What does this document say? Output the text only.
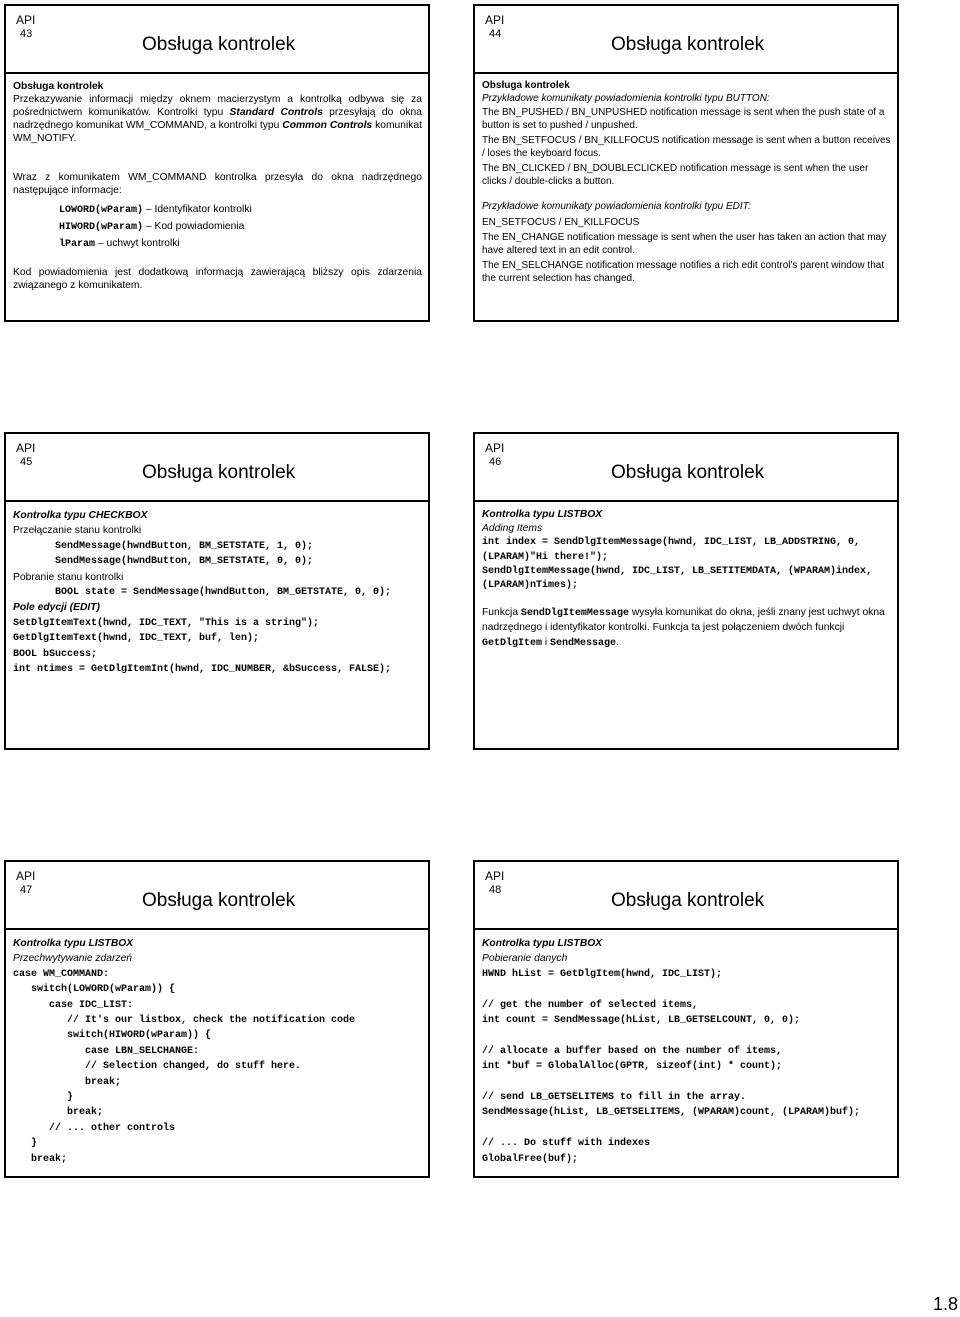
API
43	Obsługa kontrolek

Obsługa kontrolek

Przekazywanie informacji między oknem macierzystym a kontrolką odbywa się za pośrednictwem komunikatów. Kontrolki typu Standard Controls przesyłają do okna nadrzędnego komunikat WM_COMMAND, a kontrolki typu Common Controls komunikat WM_NOTIFY.

Wraz z komunikatem WM_COMMAND kontrolka przesyła do okna nadrzędnego następujące informacje:

LOWORD(wParam) – Identyfikator kontrolki
HIWORD(wParam) – Kod powiadomienia
lParam – uchwyt kontrolki

Kod powiadomienia jest dodatkową informacją zawierającą bliższy opis zdarzenia związanego z komunikatem.

API
44	Obsługa kontrolek

Obsługa kontrolek

Przykładowe komunikaty powiadomienia kontrolki typu BUTTON:

The BN_PUSHED / BN_UNPUSHED notification message is sent when the push state of a button is set to pushed / unpushed.

The BN_SETFOCUS / BN_KILLFOCUS notification message is sent when a button receives / loses the keyboard focus.

The BN_CLICKED / BN_DOUBLECLICKED notification message is sent when the user clicks / double-clicks a button.

Przykładowe komunikaty powiadomienia kontrolki typu EDIT:

EN_SETFOCUS / EN_KILLFOCUS

The EN_CHANGE notification message is sent when the user has taken an action that may have altered text in an edit control.

The EN_SELCHANGE notification message notifies a rich edit control's parent window that the current selection has changed.

API
45	Obsługa kontrolek

Kontrolka typu CHECKBOX

Przełączanie stanu kontrolki

SendMessage(hwndButton, BM_SETSTATE, 1, 0);

SendMessage(hwndButton, BM_SETSTATE, 0, 0);

Pobranie stanu kontrolki

BOOL state = SendMessage(hwndButton, BM_GETSTATE, 0, 0);

Pole edycji (EDIT)

SetDlgItemText(hwnd, IDC_TEXT, "This is a string");

GetDlgItemText(hwnd, IDC_TEXT, buf, len);

BOOL bSuccess;

int ntimes = GetDlgItemInt(hwnd, IDC_NUMBER, &bSuccess, FALSE);

API
46	Obsługa kontrolek

Kontrolka typu LISTBOX

Adding Items

int index = SendDlgItemMessage(hwnd, IDC_LIST, LB_ADDSTRING, 0,

(LPARAM)"Hi there!");

SendDlgItemMessage(hwnd, IDC_LIST, LB_SETITEMDATA, (WPARAM)index,

(LPARAM)nTimes);

Funkcja SendDlgItemMessage wysyła komunikat do okna, jeśli znany jest uchwyt okna nadrzędnego i identyfikator kontrolki. Funkcja ta jest połączeniem dwóch funkcji GetDlgItem i SendMessage.

API
47	Obsługa kontrolek

Kontrolka typu LISTBOX

Przechwytywanie zdarzeń

case WM_COMMAND:

switch(LOWORD(wParam)) {

case IDC_LIST:

// It's our listbox, check the notification code

switch(HIWORD(wParam)) {

case LBN_SELCHANGE:

// Selection changed, do stuff here.

break;

}

break;

// ... other controls

}

break;

API
48	Obsługa kontrolek

Kontrolka typu LISTBOX

Pobieranie danych

HWND hList = GetDlgItem(hwnd, IDC_LIST);

// get the number of selected items,

int count = SendMessage(hList, LB_GETSELCOUNT, 0, 0);

// allocate a buffer based on the number of items,

int *buf = GlobalAlloc(GPTR, sizeof(int) * count);

// send LB_GETSELITEMS to fill in the array.

SendMessage(hList, LB_GETSELITEMS, (WPARAM)count, (LPARAM)buf);

// ... Do stuff with indexes

GlobalFree(buf);

1.8
